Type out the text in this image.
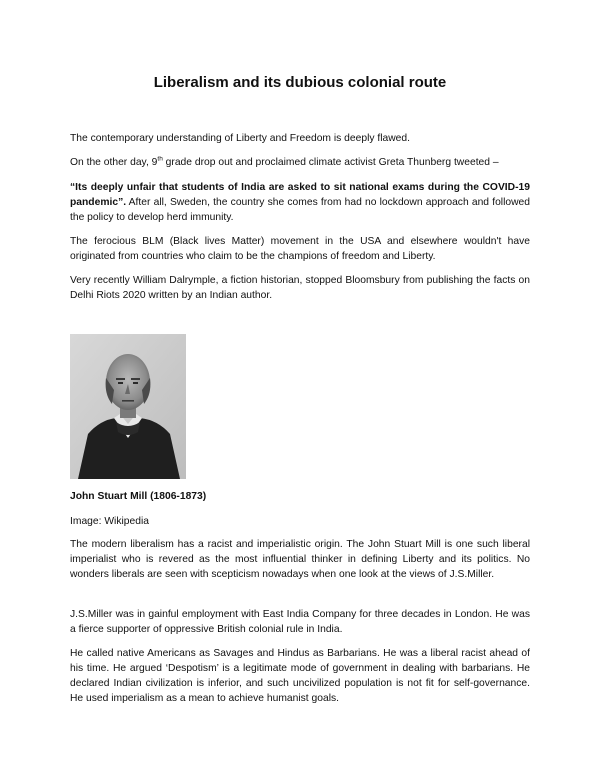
Liberalism and its dubious colonial route

The contemporary understanding of Liberty and Freedom is deeply flawed.

On the other day, 9th grade drop out and proclaimed climate activist Greta Thunberg tweeted –

“Its deeply unfair that students of India are asked to sit national exams during the COVID-19 pandemic”. After all, Sweden, the country she comes from had no lockdown approach and followed the policy to develop herd immunity.

The ferocious BLM (Black lives Matter) movement in the USA and elsewhere wouldn't have originated from countries who claim to be the champions of freedom and Liberty.

Very recently William Dalrymple, a fiction historian, stopped Bloomsbury from publishing the facts on Delhi Riots 2020 written by an Indian author.

John Stuart Mill (1806-1873)
Image: Wikipedia

The modern liberalism has a racist and imperialistic origin. The John Stuart Mill is one such liberal imperialist who is revered as the most influential thinker in defining Liberty and its politics. No wonders liberals are seen with scepticism nowadays when one look at the views of J.S.Miller.

J.S.Miller was in gainful employment with East India Company for three decades in London. He was a fierce supporter of oppressive British colonial rule in India.

He called native Americans as Savages and Hindus as Barbarians. He was a liberal racist ahead of his time. He argued ‘Despotism’ is a legitimate mode of government in dealing with barbarians. He declared Indian civilization is inferior, and such uncivilized population is not fit for self-governance. He used imperialism as a mean to achieve humanist goals.
